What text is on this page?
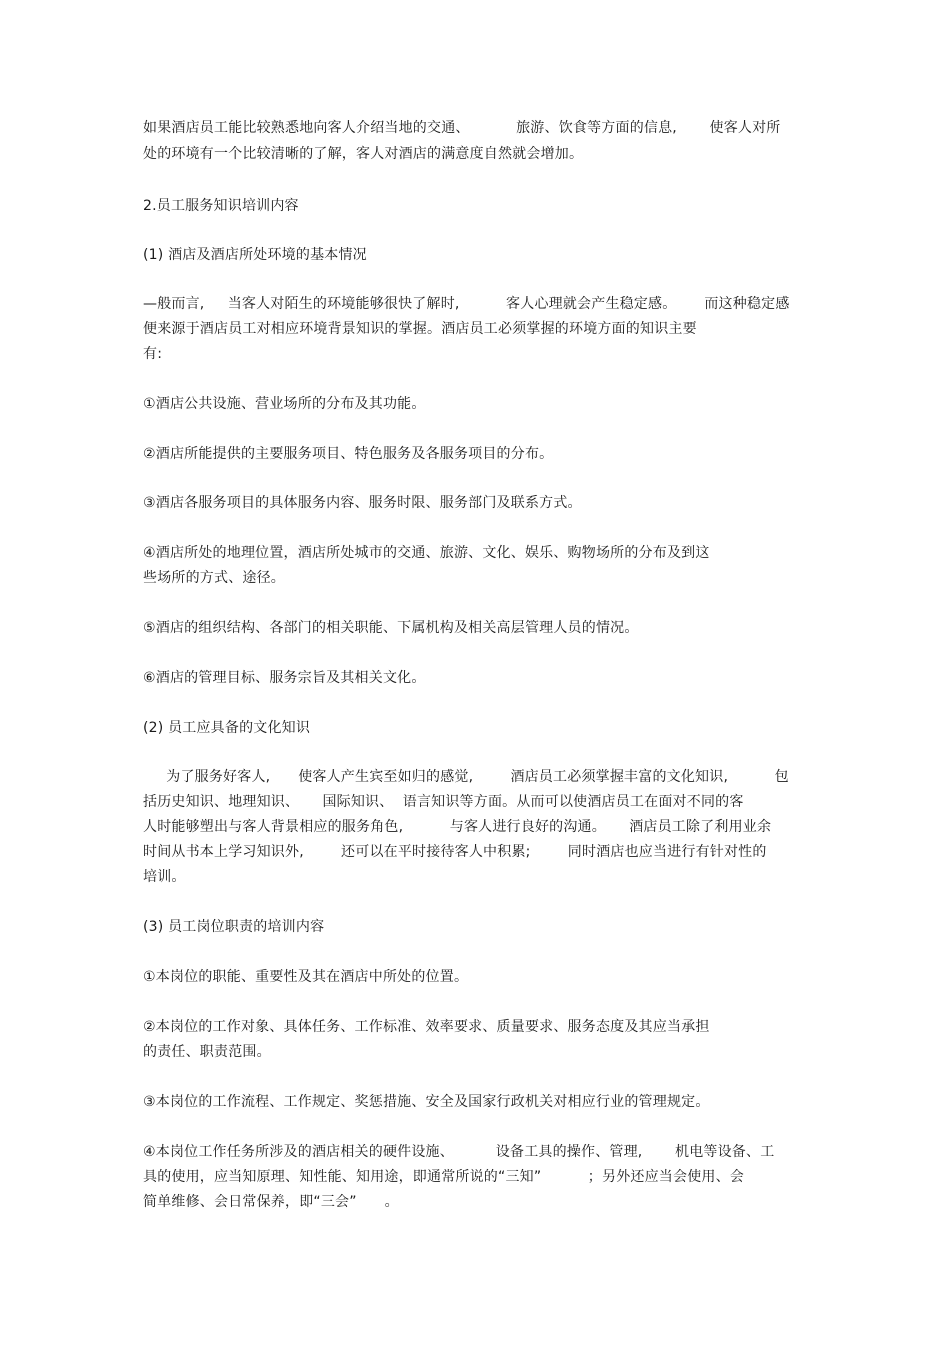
如果酒店员工能比较熟悉地向客人介绍当地的交通、          旅游、饮食等方面的信息,       使客人对所
处的环境有一个比较清晰的了解，客人对酒店的满意度自然就会增加。
2.员工服务知识培训内容
(1) 酒店及酒店所处环境的基本情况
—般而言,     当客人对陌生的环境能够很快了解时,          客人心理就会产生稳定感。      而这种稳定感
便来源于酒店员工对相应环境背景知识的掌握。酒店员工必须掌握的环境方面的知识主要
有:
①酒店公共设施、营业场所的分布及其功能。
②酒店所能提供的主要服务项目、特色服务及各服务项目的分布。
③酒店各服务项目的具体服务内容、服务时限、服务部门及联系方式。
④酒店所处的地理位置，酒店所处城市的交通、旅游、文化、娱乐、购物场所的分布及到这
些场所的方式、途径。
⑤酒店的组织结构、各部门的相关职能、下属机构及相关高层管理人员的情况。
⑥酒店的管理目标、服务宗旨及其相关文化。
(2) 员工应具备的文化知识
为了服务好客人,      使客人产生宾至如归的感觉,        酒店员工必须掌握丰富的文化知识,          包
括历史知识、地理知识、     国际知识、  语言知识等方面。从而可以使酒店员工在面对不同的客
人时能够塑出与客人背景相应的服务角色,          与客人进行良好的沟通。     酒店员工除了利用业余
时间从书本上学习知识外,        还可以在平时接待客人中积累;        同时酒店也应当进行有针对性的
培训。
(3) 员工岗位职责的培训内容
①本岗位的职能、重要性及其在酒店中所处的位置。
②本岗位的工作对象、具体任务、工作标准、效率要求、质量要求、服务态度及其应当承担
的责任、职责范围。
③本岗位的工作流程、工作规定、奖惩措施、安全及国家行政机关对相应行业的管理规定。
④本岗位工作任务所涉及的酒店相关的硬件设施、         设备工具的操作、管理,       机电等设备、工
具的使用，应当知原理、知性能、知用途，即通常所说的“三知”          ；另外还应当会使用、会
简单维修、会日常保养，即“三会”      。
